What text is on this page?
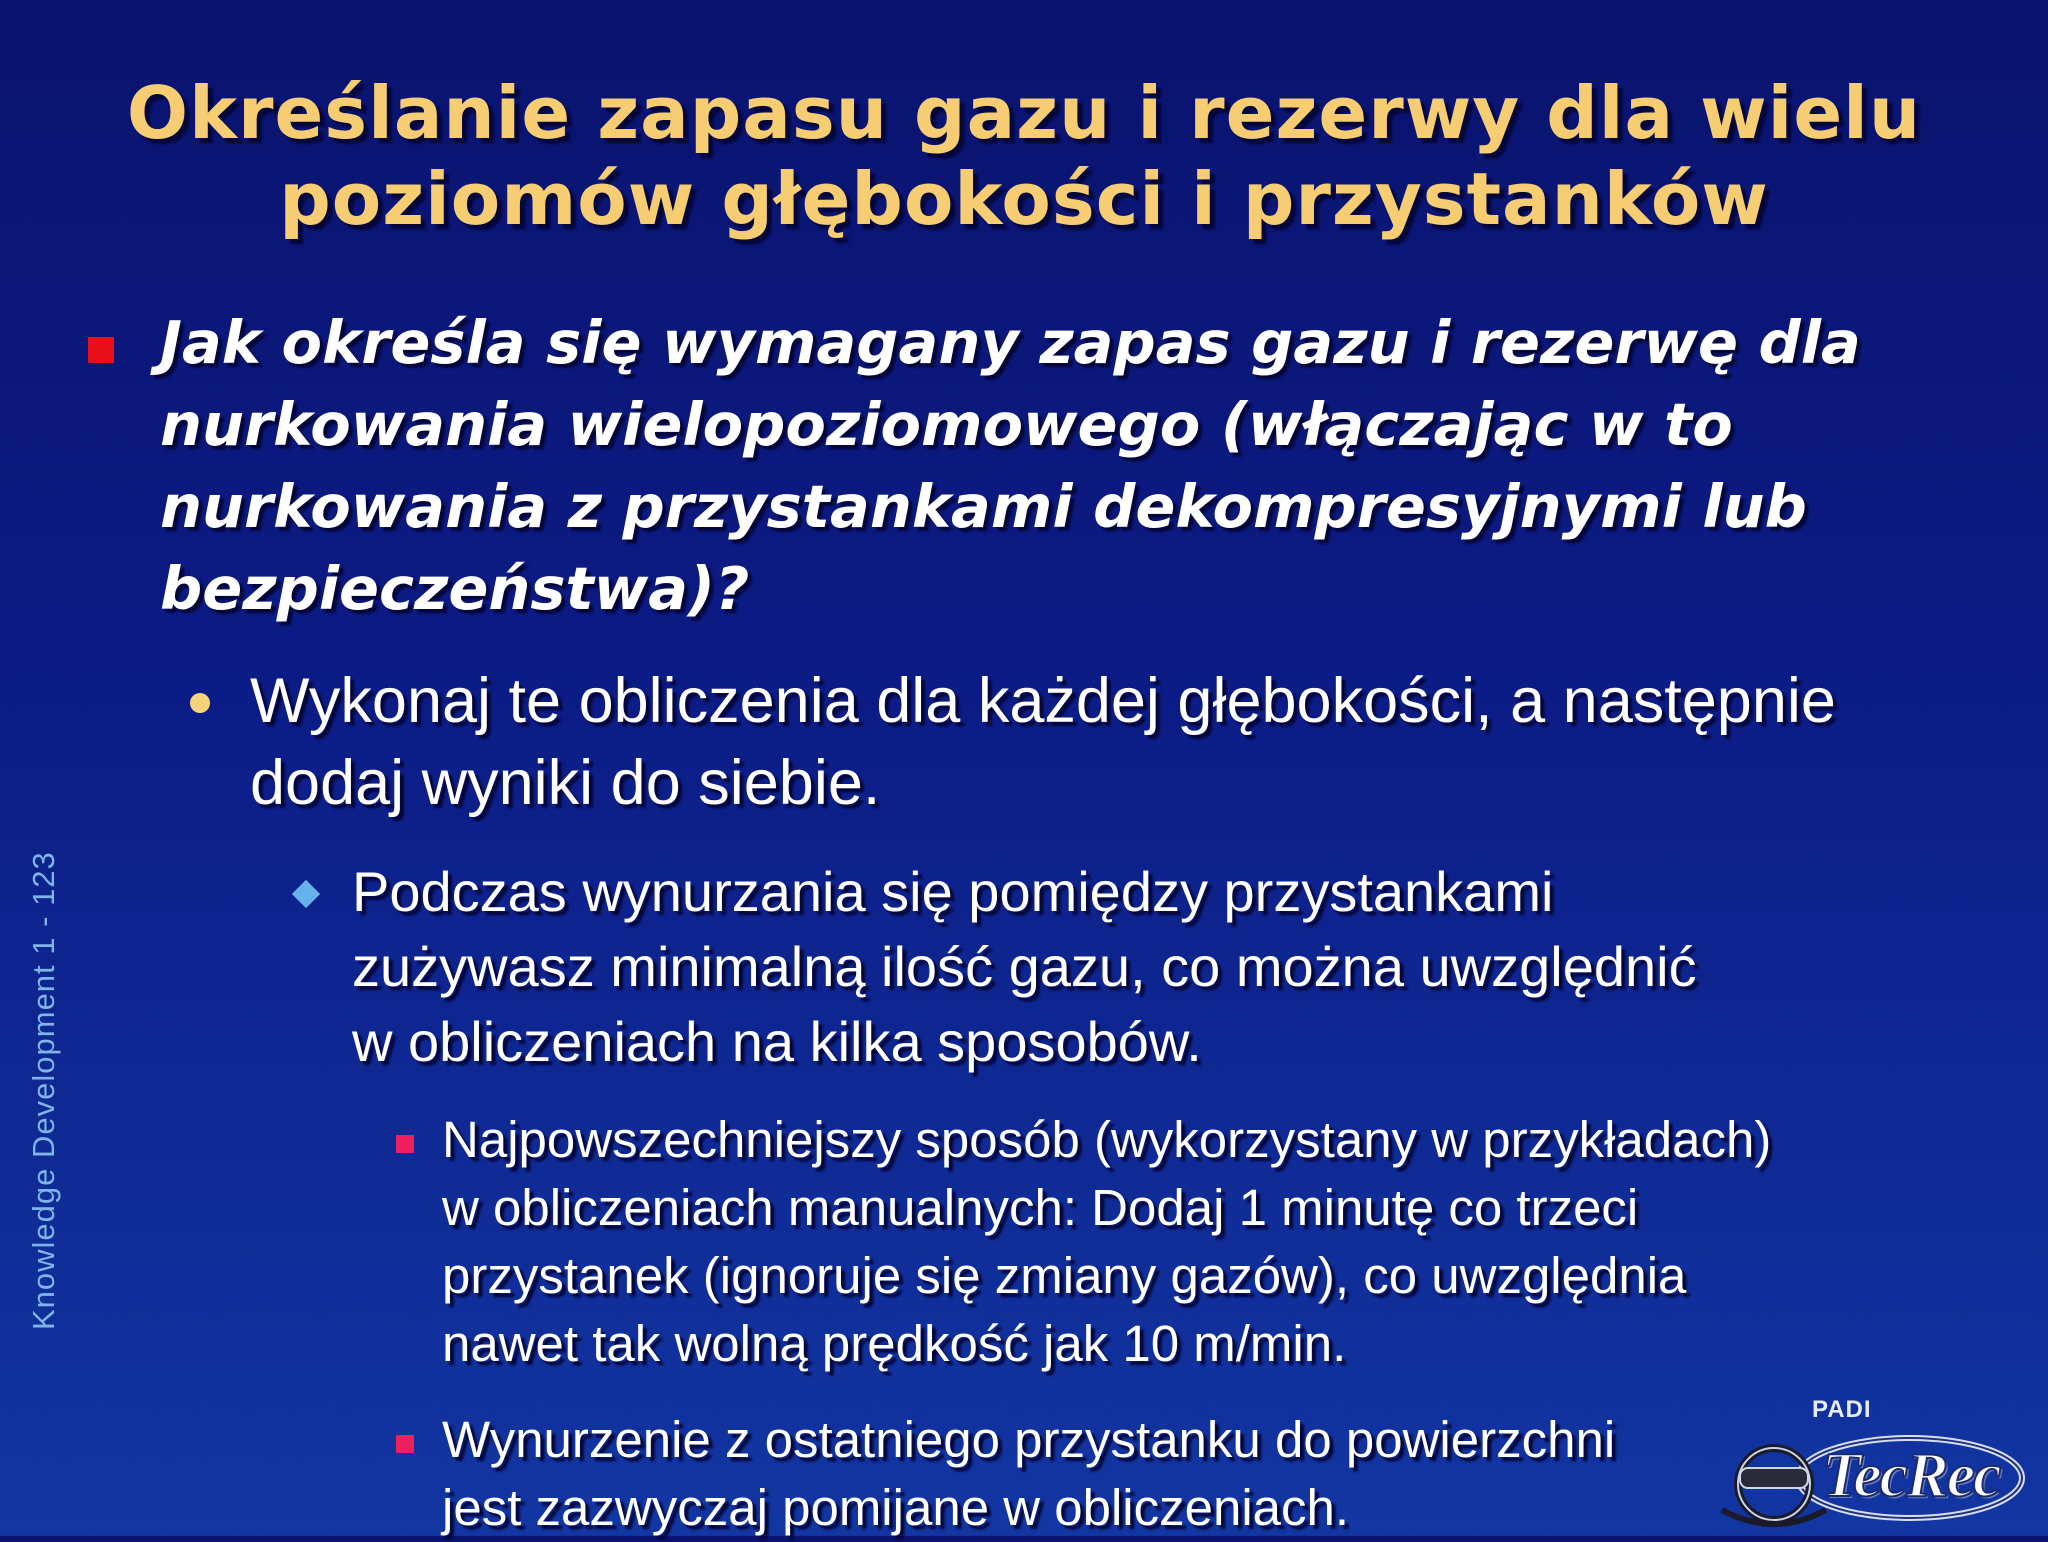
Określanie zapasu gazu i rezerwy dla wielu
poziomów głębokości i przystanków
Knowledge Development 1 - 123
Jak określa się wymagany zapas gazu i rezerwę dla
nurkowania wielopoziomowego (włączając w to
nurkowania z przystankami dekompresyjnymi lub
bezpieczeństwa)?
Wykonaj te obliczenia dla każdej głębokości, a następnie
dodaj wyniki do siebie.
Podczas wynurzania się pomiędzy przystankami
zużywasz minimalną ilość gazu, co można uwzględnić
w obliczeniach na kilka sposobów.
Najpowszechniejszy sposób (wykorzystany w przykładach)
w obliczeniach manualnych: Dodaj 1 minutę co trzeci
przystanek (ignoruje się zmiany gazów), co uwzględnia
nawet tak wolną prędkość jak 10 m/min.
Wynurzenie z ostatniego przystanku do powierzchni
jest zazwyczaj pomijane w obliczeniach.
PADI
TecRec
